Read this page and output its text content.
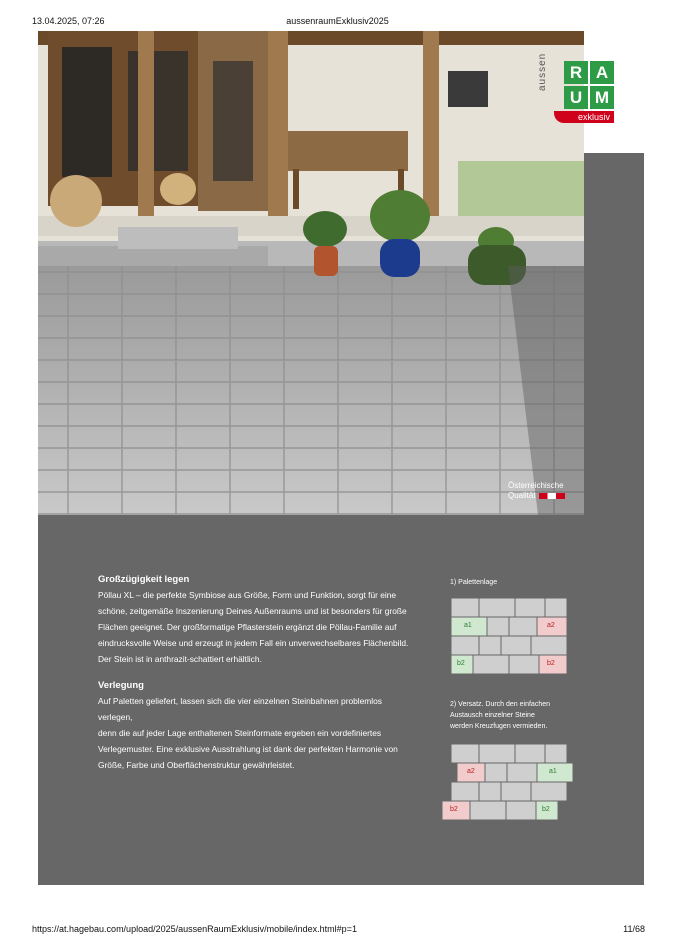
13.04.2025, 07:26	aussenraumExklusiv2025
Österreichische
Qualität
aussen	R A
U M
exklusiv
Großzügigkeit legen

Pöllau XL – die perfekte Symbiose aus Größe, Form und Funktion, sorgt für eine

schöne, zeitgemäße Inszenierung Deines Außenraums und ist besonders für große

Flächen geeignet. Der großformatige Pflasterstein ergänzt die Pöllau-Familie auf

eindrucksvolle Weise und erzeugt in jedem Fall ein unverwechselbares Flächenbild.

Der Stein ist in anthrazit-schattiert erhältlich.

Verlegung

Auf Paletten geliefert, lassen sich die vier einzelnen Steinbahnen problemlos verlegen,

denn die auf jeder Lage enthaltenen Steinformate ergeben ein vordefiniertes

Verlegemuster. Eine exklusive Ausstrahlung ist dank der perfekten Harmonie von

Größe, Farbe und Oberflächenstruktur gewährleistet.

1) Palettenlage
a1	a2
b2	b2
2) Versatz. Durch den einfachen
Austausch einzelner Steine
werden Kreuzfugen vermieden.
a2	a1
b2	b2
https://at.hagebau.com/upload/2025/aussenRaumExklusiv/mobile/index.html#p=1	11/68
